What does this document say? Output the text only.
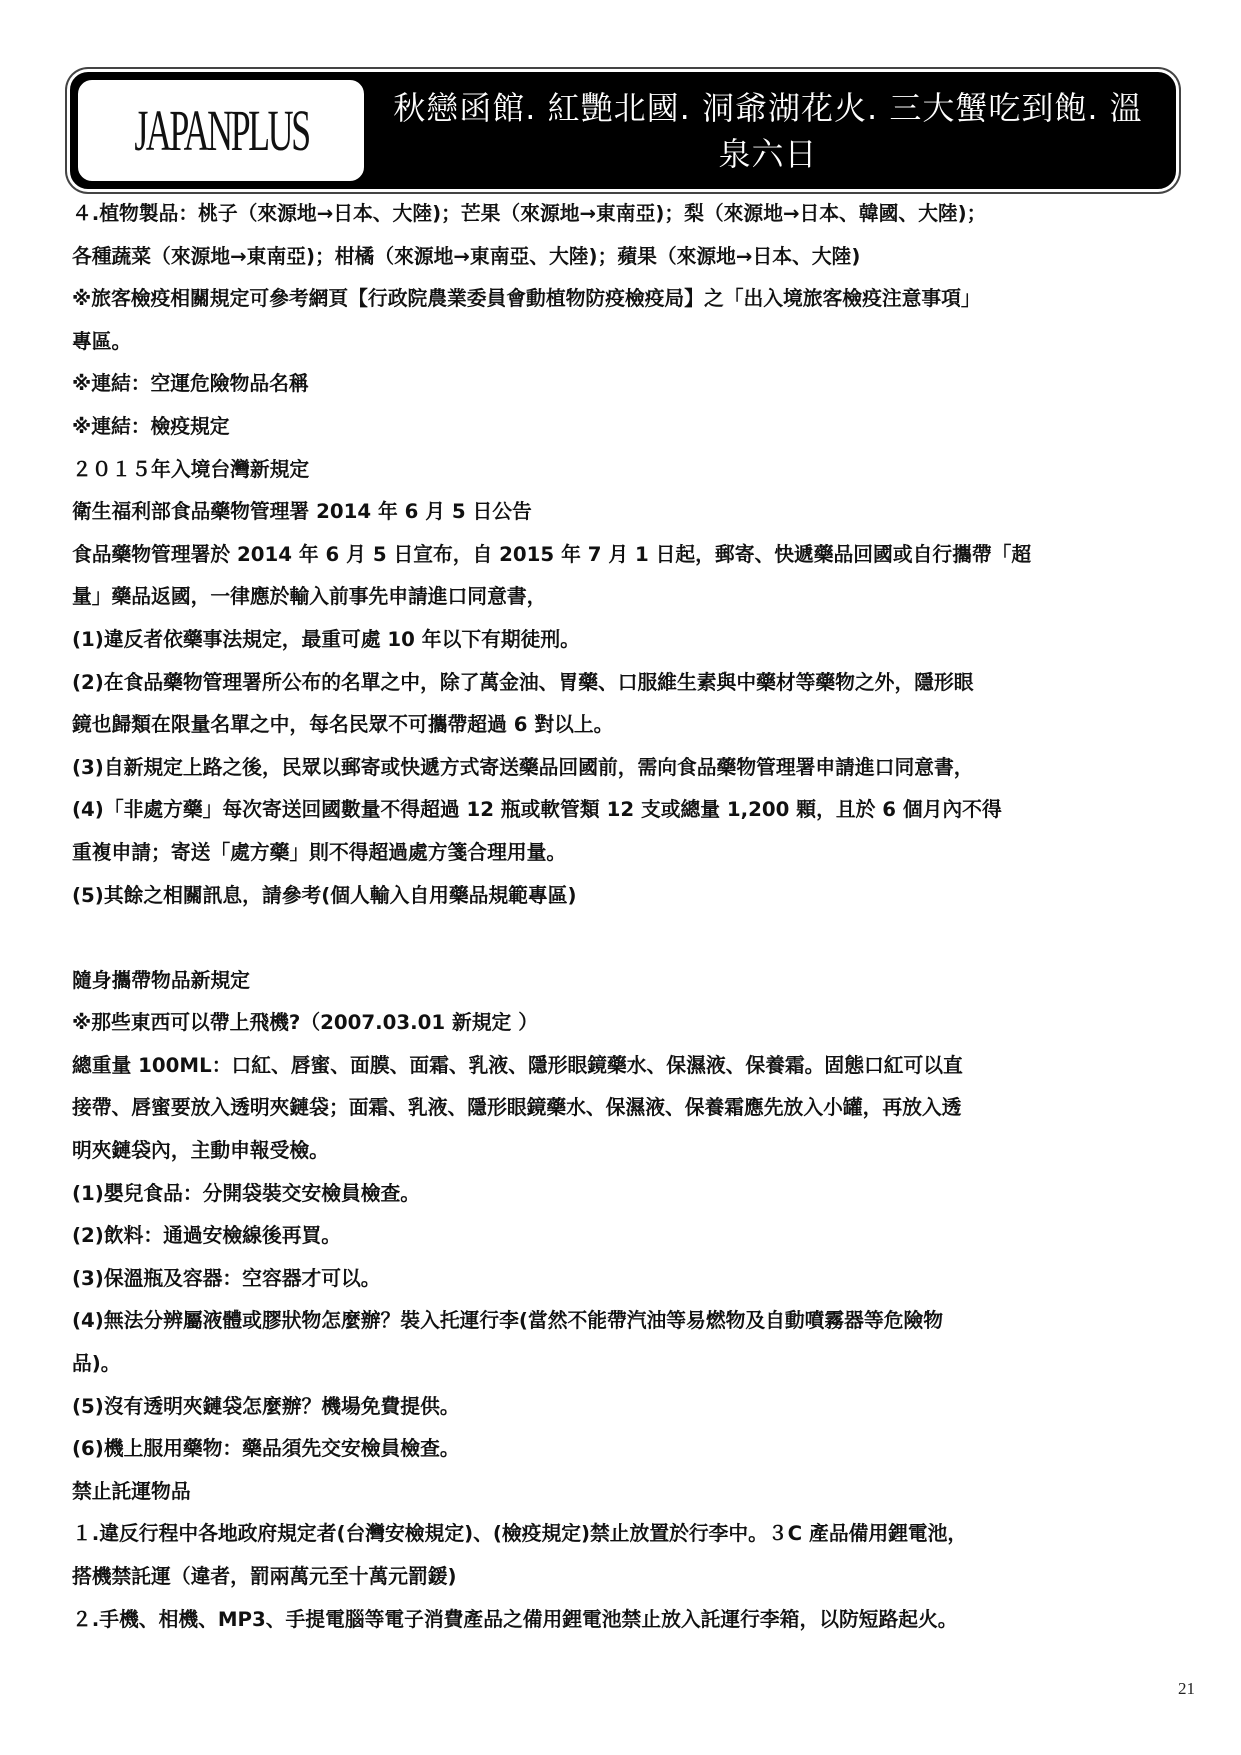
JAPANPLUS	秋戀函館. 紅艷北國. 洞爺湖花火. 三大蟹吃到飽. 溫
泉六日
４.植物製品：桃子（來源地→日本、大陸)；芒果（來源地→東南亞)；梨（來源地→日本、韓國、大陸)；
各種蔬菜（來源地→東南亞)；柑橘（來源地→東南亞、大陸)；蘋果（來源地→日本、大陸)
※旅客檢疫相關規定可參考網頁【行政院農業委員會動植物防疫檢疫局】之「出入境旅客檢疫注意事項」
專區。
※連結：空運危險物品名稱
※連結：檢疫規定
２０１５年入境台灣新規定
衛生福利部食品藥物管理署 2014 年 6 月 5 日公告
食品藥物管理署於 2014 年 6 月 5 日宣布，自 2015 年 7 月 1 日起，郵寄、快遞藥品回國或自行攜帶「超
量」藥品返國，一律應於輸入前事先申請進口同意書，
(1)違反者依藥事法規定，最重可處 10 年以下有期徒刑。
(2)在食品藥物管理署所公布的名單之中，除了萬金油、胃藥、口服維生素與中藥材等藥物之外，隱形眼
鏡也歸類在限量名單之中，每名民眾不可攜帶超過 6 對以上。
(3)自新規定上路之後，民眾以郵寄或快遞方式寄送藥品回國前，需向食品藥物管理署申請進口同意書，
(4)「非處方藥」每次寄送回國數量不得超過 12 瓶或軟管類 12 支或總量 1,200 顆，且於 6 個月內不得
重複申請；寄送「處方藥」則不得超過處方箋合理用量。
(5)其餘之相關訊息，請參考(個人輸入自用藥品規範專區)
隨身攜帶物品新規定
※那些東西可以帶上飛機?（2007.03.01 新規定 ）
總重量 100ML：口紅、唇蜜、面膜、面霜、乳液、隱形眼鏡藥水、保濕液、保養霜。固態口紅可以直
接帶、唇蜜要放入透明夾鏈袋；面霜、乳液、隱形眼鏡藥水、保濕液、保養霜應先放入小罐，再放入透
明夾鏈袋內，主動申報受檢。
(1)嬰兒食品：分開袋裝交安檢員檢查。
(2)飲料：通過安檢線後再買。
(3)保溫瓶及容器：空容器才可以。
(4)無法分辨屬液體或膠狀物怎麼辦？裝入托運行李(當然不能帶汽油等易燃物及自動噴霧器等危險物
品)。
(5)沒有透明夾鏈袋怎麼辦？機場免費提供。
(6)機上服用藥物：藥品須先交安檢員檢查。
禁止託運物品
１.違反行程中各地政府規定者(台灣安檢規定)、(檢疫規定)禁止放置於行李中。３C 產品備用鋰電池，
搭機禁託運（違者，罰兩萬元至十萬元罰鍰)
２.手機、相機、MP3、手提電腦等電子消費產品之備用鋰電池禁止放入託運行李箱，以防短路起火。
21
